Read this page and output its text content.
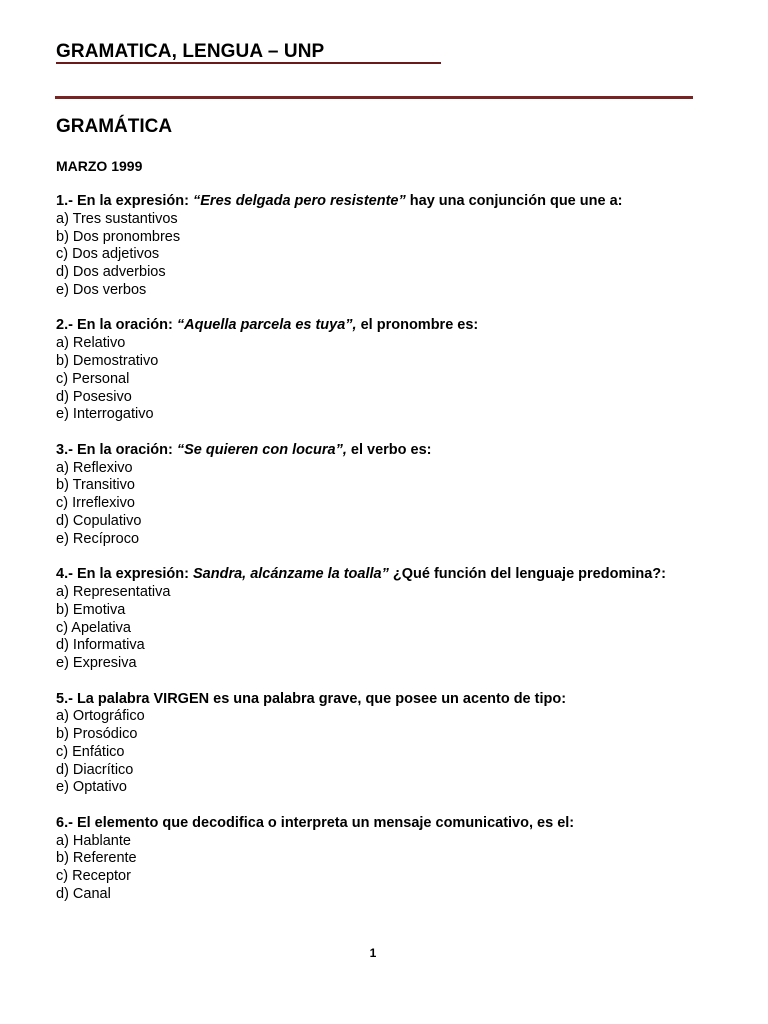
GRAMATICA, LENGUA – UNP
GRAMÁTICA
MARZO 1999
1.- En la expresión: “Eres delgada pero resistente” hay una conjunción que une a:
a) Tres sustantivos
b) Dos pronombres
c) Dos adjetivos
d) Dos adverbios
e) Dos verbos
2.- En la oración: “Aquella parcela es tuya”, el pronombre es:
a) Relativo
b) Demostrativo
c) Personal
d) Posesivo
e) Interrogativo
3.- En la oración: “Se quieren con locura”, el verbo es:
a) Reflexivo
b) Transitivo
c) Irreflexivo
d) Copulativo
e) Recíproco
4.- En la expresión: Sandra, alcánzame la toalla” ¿Qué función del lenguaje predomina?:
a) Representativa
b) Emotiva
c) Apelativa
d) Informativa
e) Expresiva
5.- La palabra VIRGEN es una palabra grave, que posee un acento de tipo:
a) Ortográfico
b) Prosódico
c) Enfático
d) Diacrítico
e) Optativo
6.- El elemento que decodifica o interpreta un mensaje comunicativo, es el:
a) Hablante
b) Referente
c) Receptor
d) Canal
1
